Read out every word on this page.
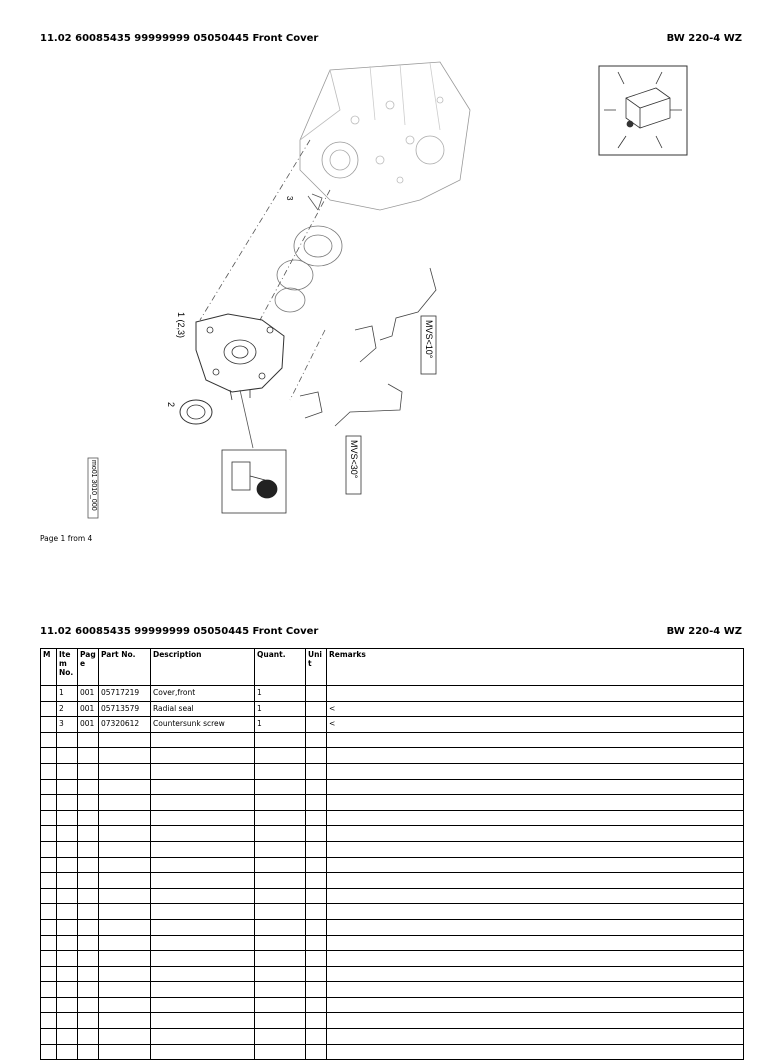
11.02 60085435 99999999 05050445 Front Cover	BW 220-4 WZ
3
1 (2,3)
2
MVS<10°
MVS<30°
mo01 3010_000
Page 1 from 4
11.02 60085435 99999999 05050445 Front Cover	BW 220-4 WZ
M	Ite m No.	Pag e	Part No.	Description	Quant.	Uni t	Remarks
	1	001	05717219	Cover,front	1		
	2	001	05713579	Radial seal	1		<
	3	001	07320612	Countersunk screw	1		<
